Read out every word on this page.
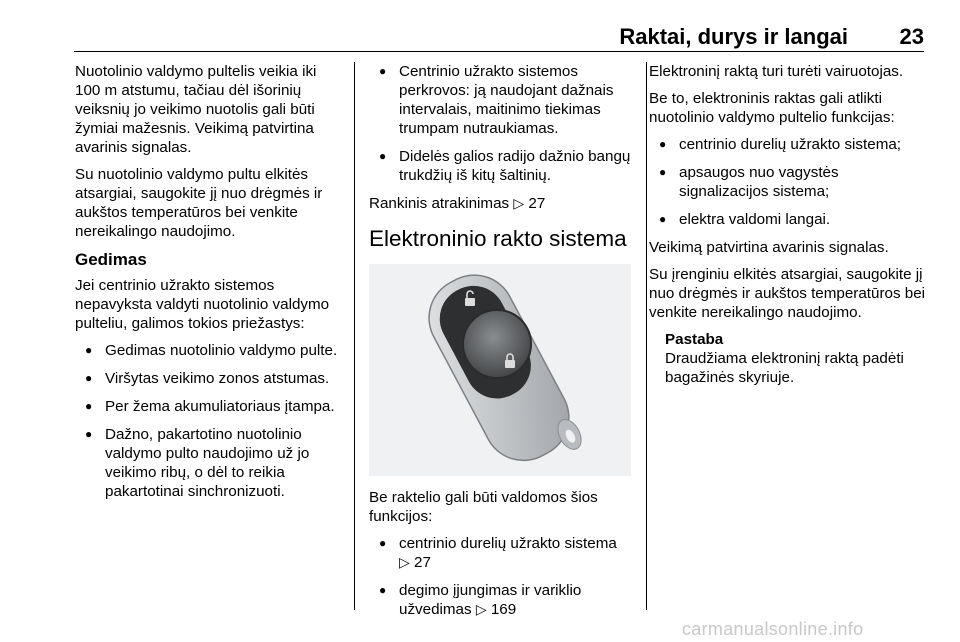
Raktai, durys ir langai 23

Nuotolinio valdymo pultelis veikia iki 100 m atstumu, tačiau dėl išorinių veiksnių jo veikimo nuotolis gali būti žymiai mažesnis. Veikimą patvirtina avarinis signalas.

Su nuotolinio valdymo pultu elkitės atsargiai, saugokite jį nuo drėgmės ir aukštos temperatūros bei venkite nereikalingo naudojimo.

Gedimas

Jei centrinio užrakto sistemos nepavyksta valdyti nuotolinio valdymo pulteliu, galimos tokios priežastys:

● Gedimas nuotolinio valdymo pulte.
● Viršytas veikimo zonos atstumas.
● Per žema akumuliatoriaus įtampa.
● Dažno, pakartotino nuotolinio valdymo pulto naudojimo už jo veikimo ribų, o dėl to reikia pakartotinai sinchronizuoti.
● Centrinio užrakto sistemos perkrovos: ją naudojant dažnais intervalais, maitinimo tiekimas trumpam nutraukiamas.
● Didelės galios radijo dažnio bangų trukdžių iš kitų šaltinių.

Rankinis atrakinimas ▷ 27

Elektroninio rakto sistema

Be raktelio gali būti valdomos šios funkcijos:

● centrinio durelių užrakto sistema
▷ 27
● degimo įjungimas ir variklio užvedimas ▷ 169

Elektroninį raktą turi turėti vairuotojas.

Be to, elektroninis raktas gali atlikti nuotolinio valdymo pultelio funkcijas:

● centrinio durelių užrakto sistema;
● apsaugos nuo vagystės signalizacijos sistema;
● elektra valdomi langai.

Veikimą patvirtina avarinis signalas.

Su įrenginiu elkitės atsargiai, saugokite jį nuo drėgmės ir aukštos temperatūros bei venkite nereikalingo naudojimo.

Pastaba
Draudžiama elektroninį raktą padėti bagažinės skyriuje.
carmanualsonline.info
